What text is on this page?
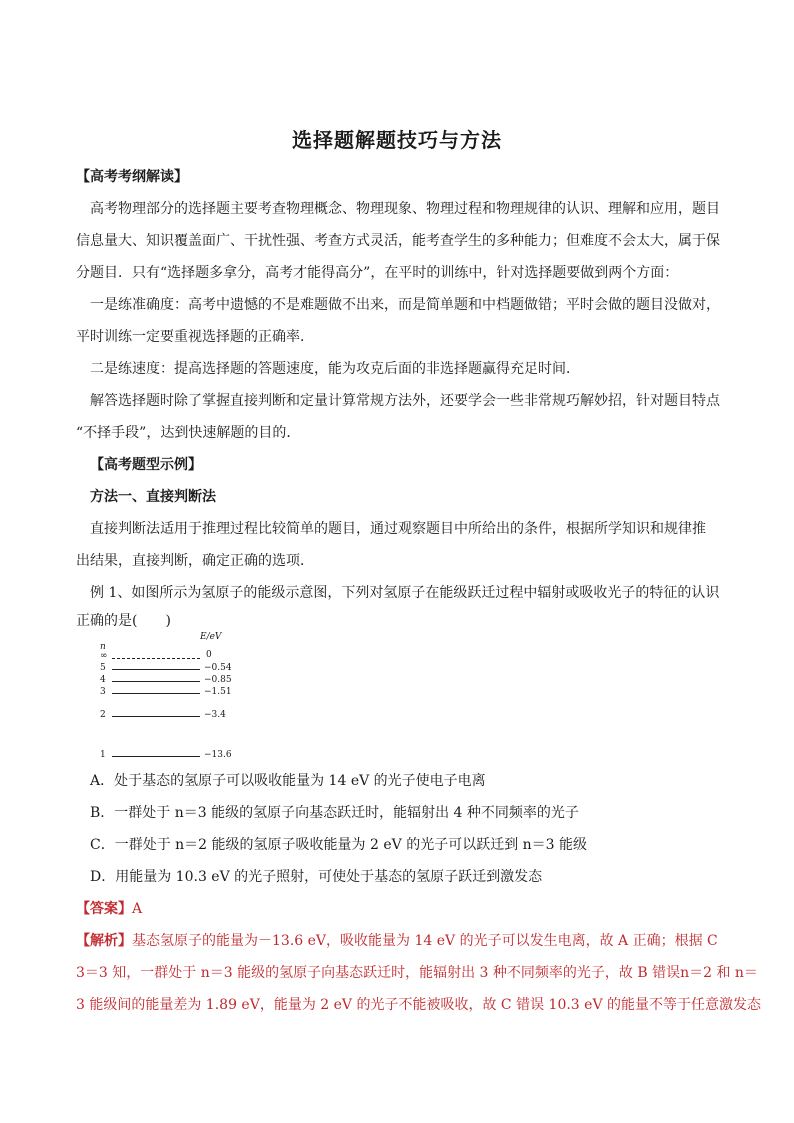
选择题解题技巧与方法
【高考考纲解读】
高考物理部分的选择题主要考查物理概念、物理现象、物理过程和物理规律的认识、理解和应用，题目
信息量大、知识覆盖面广、干扰性强、考查方式灵活，能考查学生的多种能力；但难度不会太大，属于保
分题目．只有“选择题多拿分，高考才能得高分”，在平时的训练中，针对选择题要做到两个方面：
一是练准确度：高考中遗憾的不是难题做不出来，而是简单题和中档题做错；平时会做的题目没做对，
平时训练一定要重视选择题的正确率．
二是练速度：提高选择题的答题速度，能为攻克后面的非选择题赢得充足时间．
解答选择题时除了掌握直接判断和定量计算常规方法外，还要学会一些非常规巧解妙招，针对题目特点
“不择手段”，达到快速解题的目的．
【高考题型示例】
方法一、直接判断法
直接判断法适用于推理过程比较简单的题目，通过观察题目中所给出的条件，根据所学知识和规律推
出结果，直接判断，确定正确的选项．
例 1、如图所示为氢原子的能级示意图，下列对氢原子在能级跃迁过程中辐射或吸收光子的特征的认识
正确的是(　　)
n
E/eV
∞	0
5	−0.54
4	−0.85
3	−1.51
2	−3.4
1	−13.6
A．处于基态的氢原子可以吸收能量为 14 eV 的光子使电子电离
B．一群处于 n＝3 能级的氢原子向基态跃迁时，能辐射出 4 种不同频率的光子
C．一群处于 n＝2 能级的氢原子吸收能量为 2 eV 的光子可以跃迁到 n＝3 能级
D．用能量为 10.3 eV 的光子照射，可使处于基态的氢原子跃迁到激发态
【答案】A
【解析】基态氢原子的能量为－13.6 eV，吸收能量为 14 eV 的光子可以发生电离，故 A 正确；根据 C
3＝3 知，一群处于 n＝3 能级的氢原子向基态跃迁时，能辐射出 3 种不同频率的光子，故 B 错误n＝2 和 n＝
3 能级间的能量差为 1.89 eV，能量为 2 eV 的光子不能被吸收，故 C 错误 10.3 eV 的能量不等于任意激发态
